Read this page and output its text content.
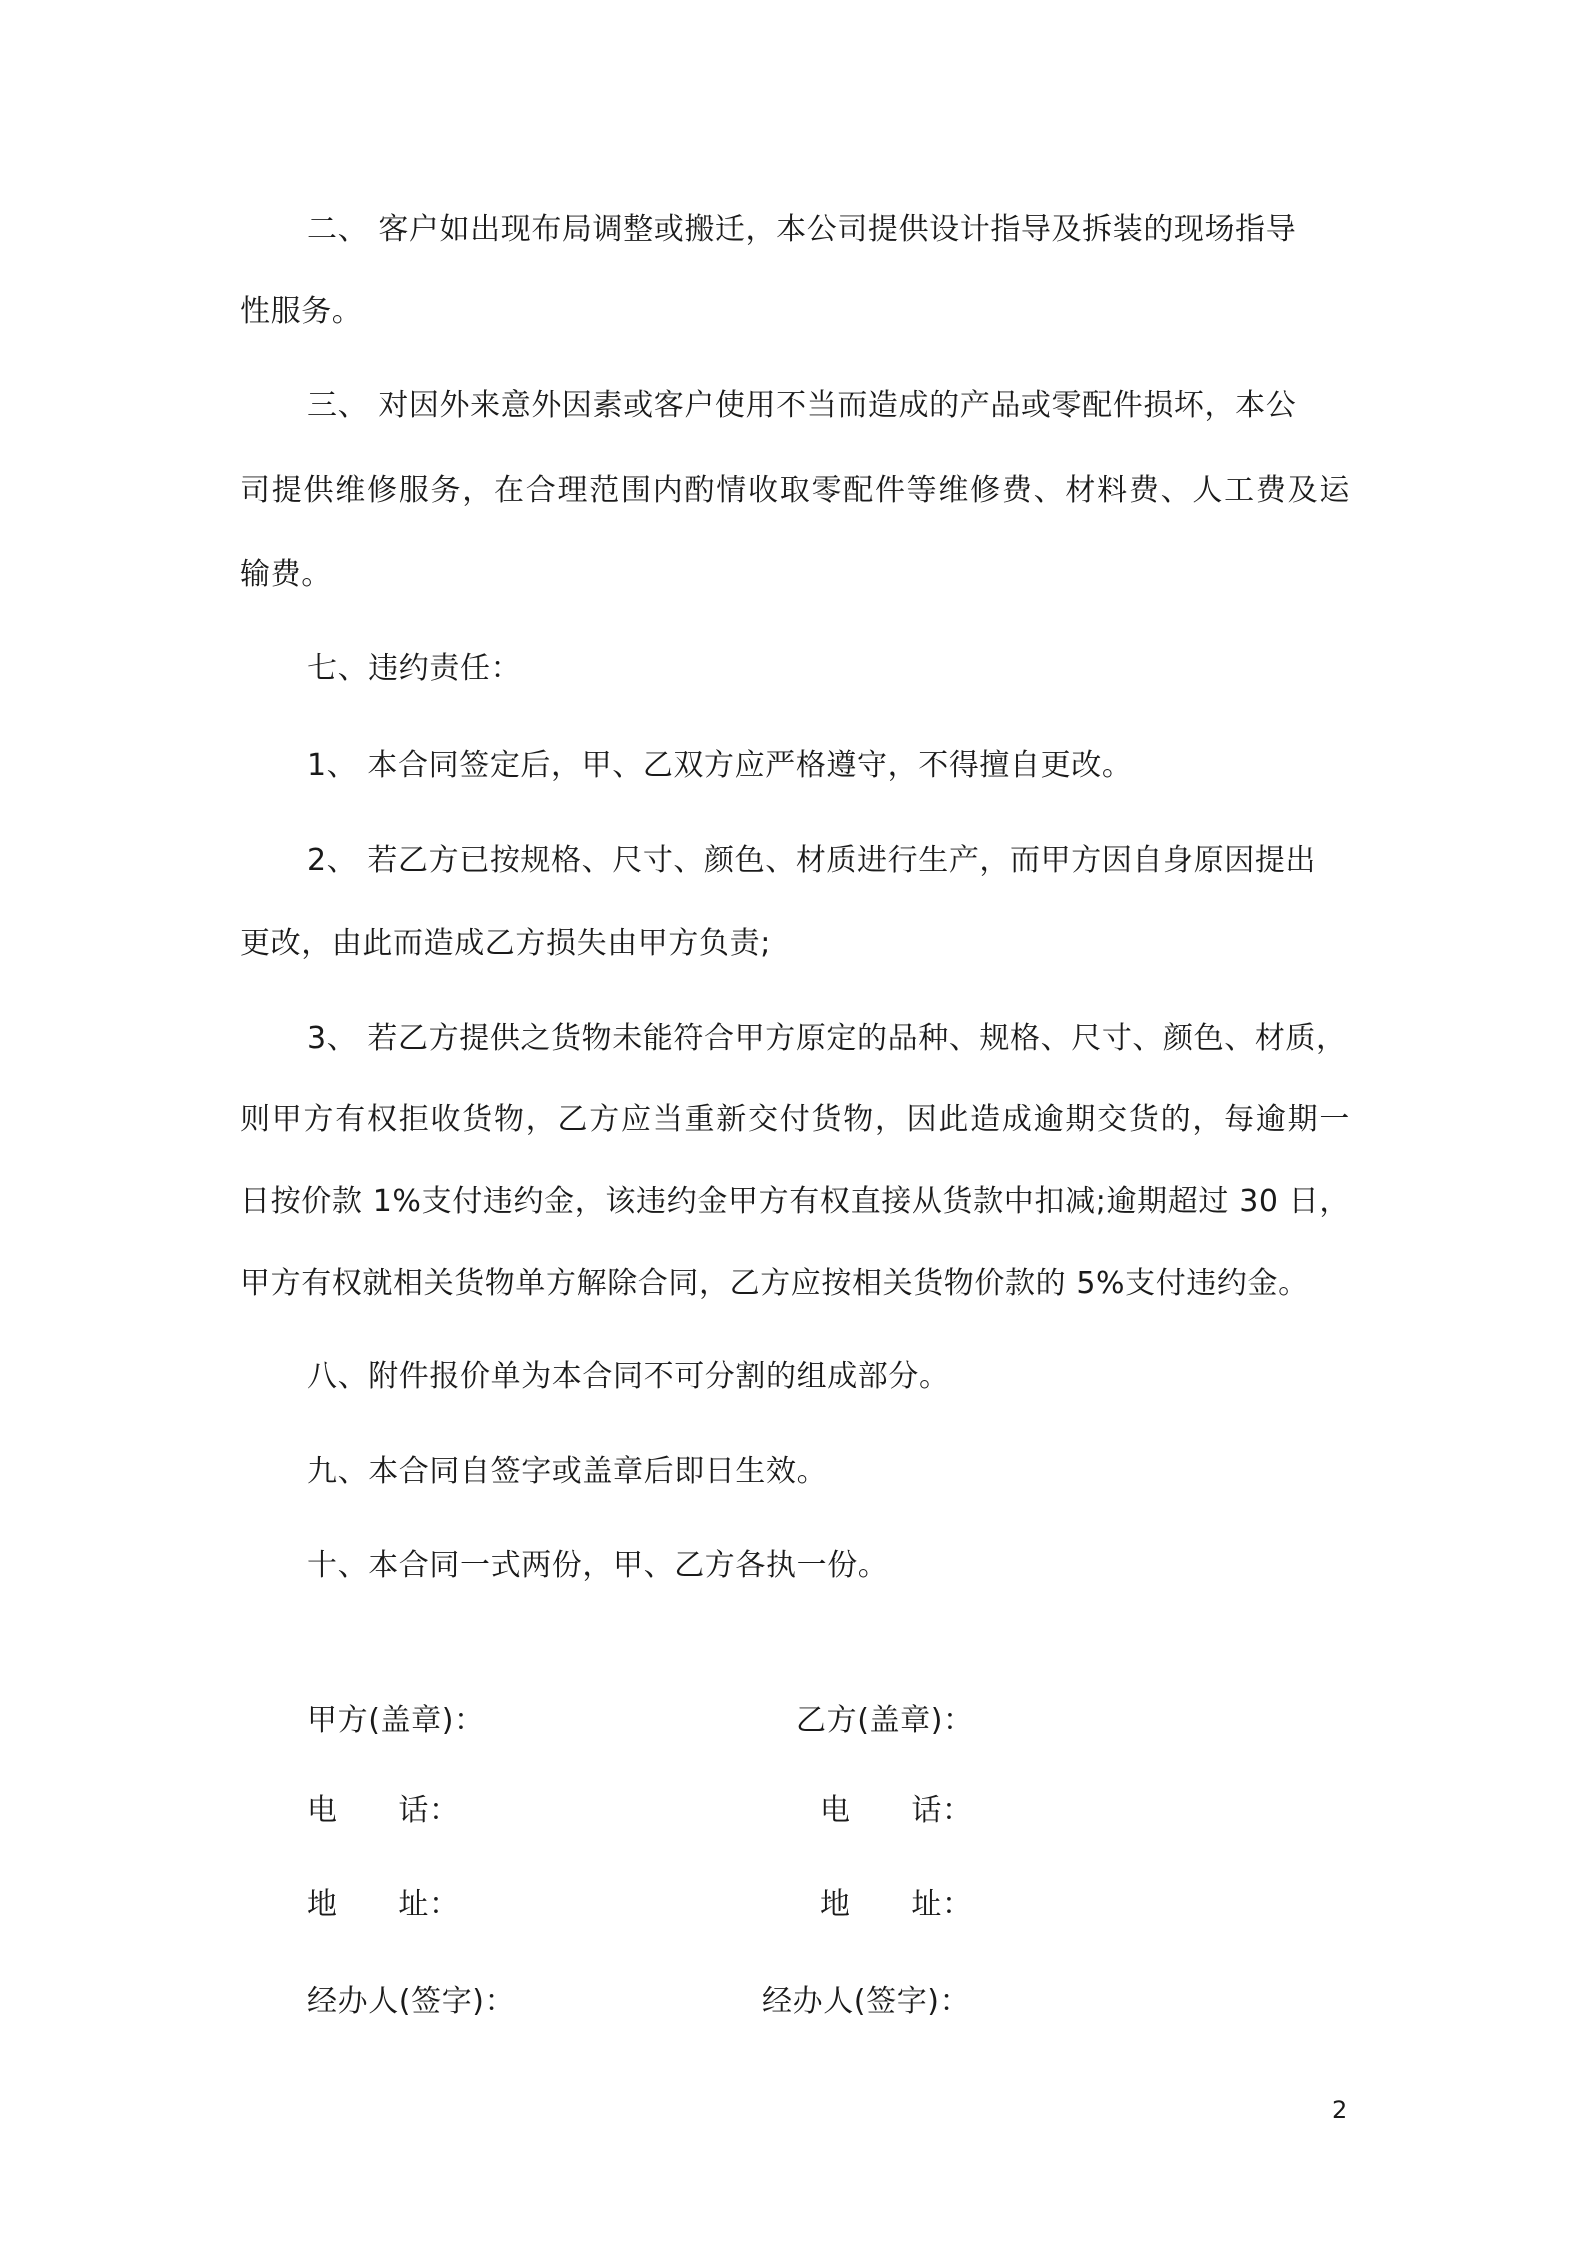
二、 客户如出现布局调整或搬迁，本公司提供设计指导及拆装的现场指导
性服务。
三、 对因外来意外因素或客户使用不当而造成的产品或零配件损坏，本公
司提供维修服务，在合理范围内酌情收取零配件等维修费、材料费、人工费及运
输费。
七、违约责任：
1、 本合同签定后，甲、乙双方应严格遵守，不得擅自更改。
2、 若乙方已按规格、尺寸、颜色、材质进行生产，而甲方因自身原因提出
更改，由此而造成乙方损失由甲方负责;
3、 若乙方提供之货物未能符合甲方原定的品种、规格、尺寸、颜色、材质，
则甲方有权拒收货物，乙方应当重新交付货物，因此造成逾期交货的，每逾期一
日按价款 1%支付违约金，该违约金甲方有权直接从货款中扣减;逾期超过 30 日，
甲方有权就相关货物单方解除合同，乙方应按相关货物价款的 5%支付违约金。
八、附件报价单为本合同不可分割的组成部分。
九、本合同自签字或盖章后即日生效。
十、本合同一式两份，甲、乙方各执一份。
甲方(盖章)：	乙方(盖章)：
电      话：	电      话：
地      址：	地      址：
经办人(签字)：	经办人(签字)：
2
